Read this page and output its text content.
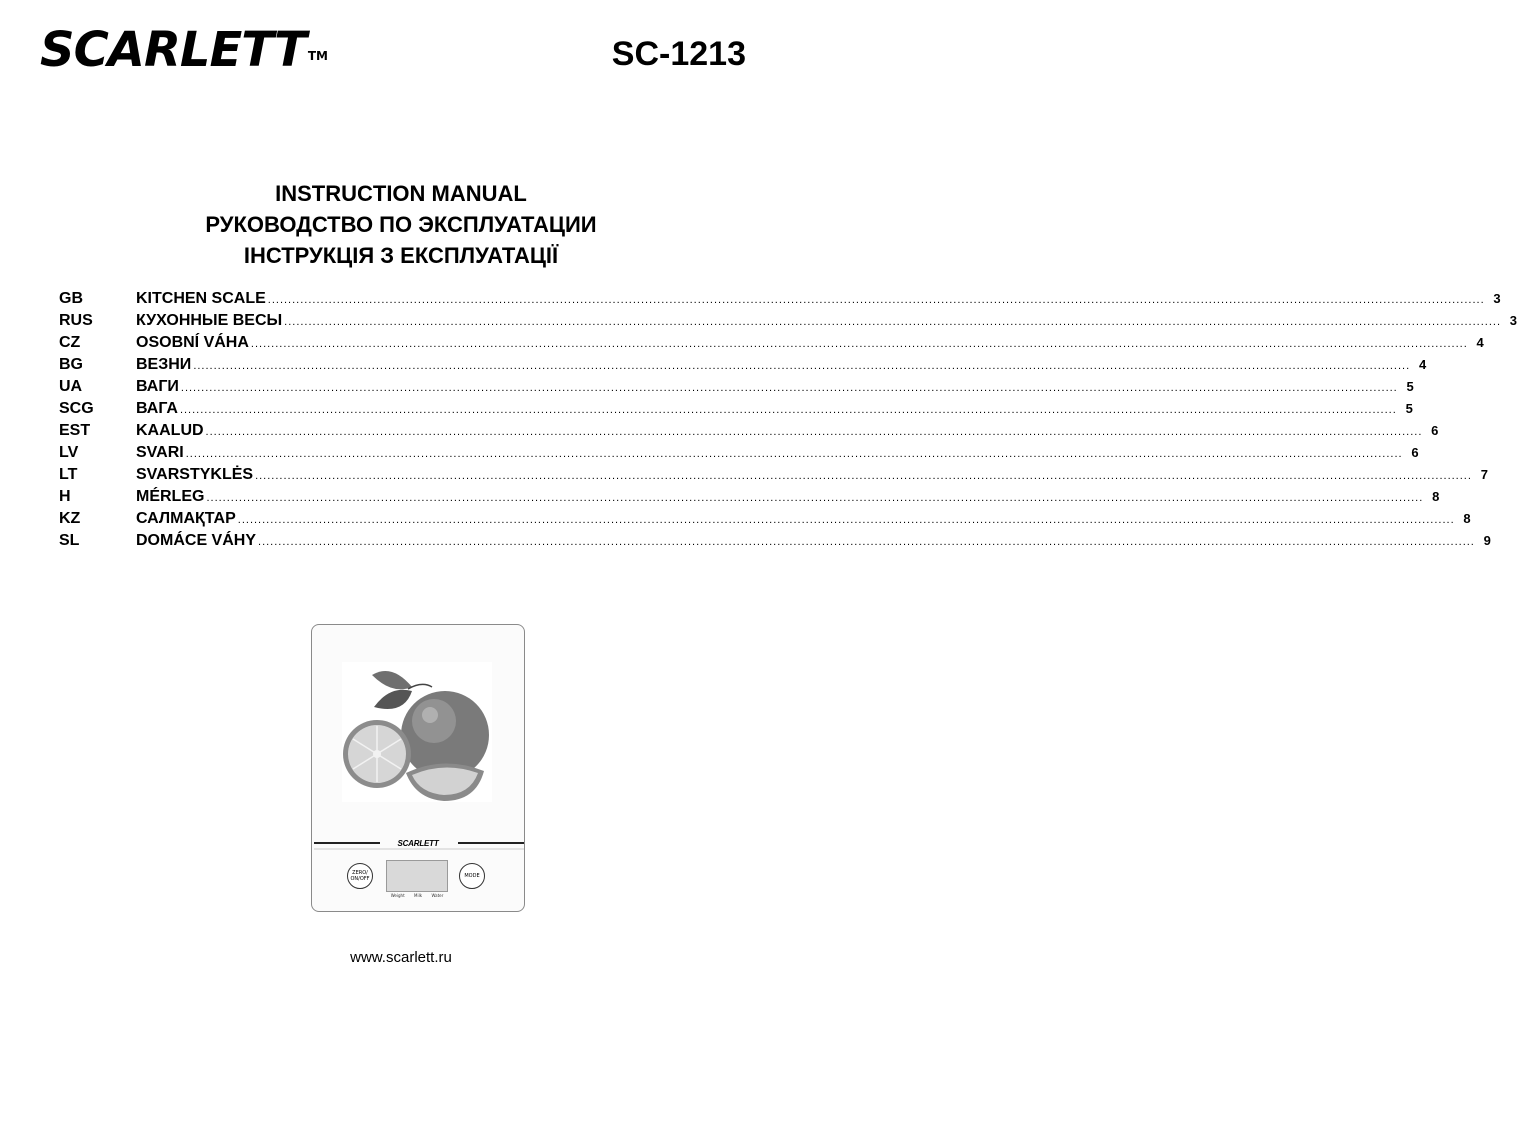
SCARLETT ™	SC-1213
INSTRUCTION MANUAL
РУКОВОДСТВО ПО ЭКСПЛУАТАЦИИ
ІНСТРУКЦІЯ З ЕКСПЛУАТАЦІЇ
GB	KITCHEN SCALE ............................................................................................................................................................................................................................................................................................................ 3
RUS	КУХОННЫЕ ВЕСЫ ............................................................................................................................................................................................................................................................................................................ 3
CZ	OSOBNÍ VÁHA ............................................................................................................................................................................................................................................................................................................ 4
BG	ВЕЗНИ ............................................................................................................................................................................................................................................................................................................ 4
UA	ВАГИ ............................................................................................................................................................................................................................................................................................................ 5
SCG	ВАГА ............................................................................................................................................................................................................................................................................................................ 5
EST	KAALUD ............................................................................................................................................................................................................................................................................................................ 6
LV	SVARI ............................................................................................................................................................................................................................................................................................................ 6
LT	SVARSTYKLĖS ............................................................................................................................................................................................................................................................................................................ 7
H	MÉRLEG ............................................................................................................................................................................................................................................................................................................ 8
KZ	САЛМАҚТАР ............................................................................................................................................................................................................................................................................................................ 8
SL	DOMÁCE VÁHY ............................................................................................................................................................................................................................................................................................................ 9
SCARLETT
ZERO/ ON/OFF	MODE
Weight Milk Water
www.scarlett.ru
